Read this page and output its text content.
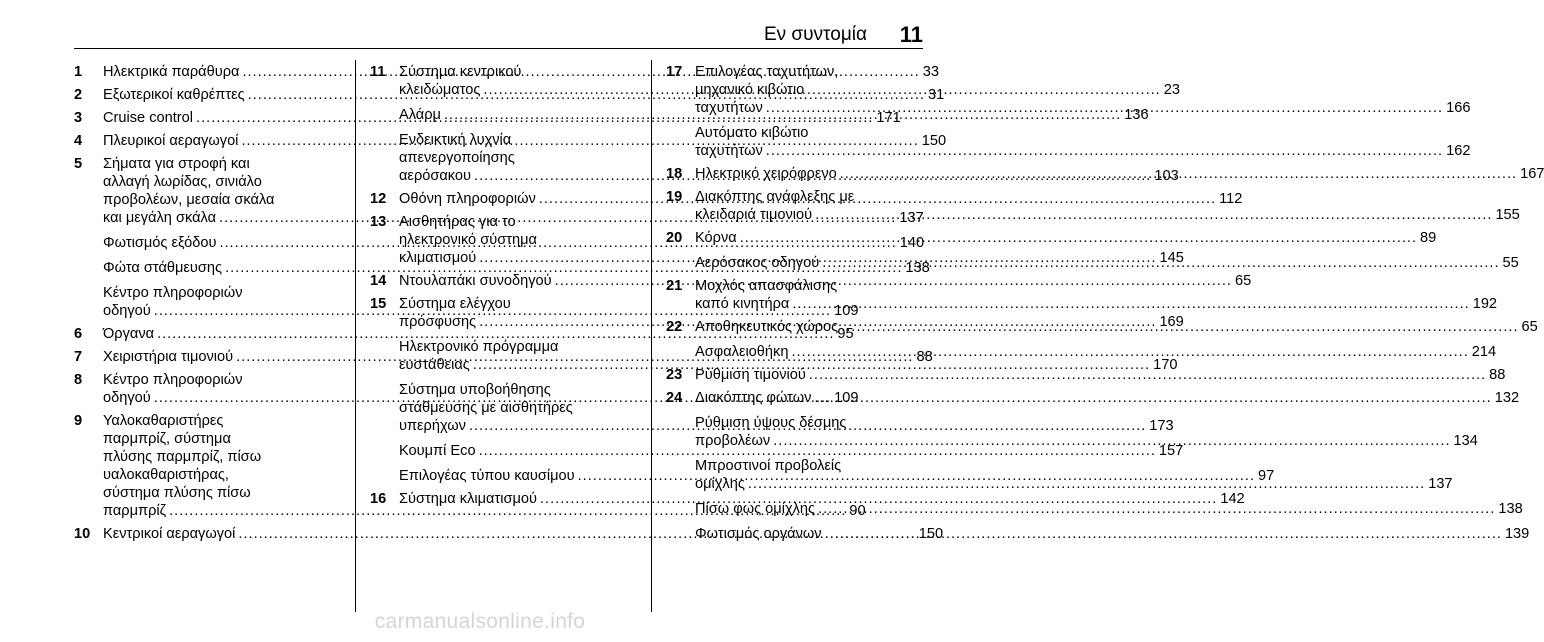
Εν συντομία 11
1	Ηλεκτρικά παράθυρα .....	33
2	Εξωτερικοί καθρέπτες .....	31
3	Cruise control .....	171
4	Πλευρικοί αεραγωγοί .....	150
5	Σήματα για στροφή και
αλλαγή λωρίδας, σινιάλο
προβολέων, μεσαία σκάλα
και μεγάλη σκάλα .....	137
Φωτισμός εξόδου .....	140
Φώτα στάθμευσης .....	138
Κέντρο πληροφοριών
οδηγού .....	109
6	Όργανα .....	95
7	Χειριστήρια τιμονιού .....	88
8	Κέντρο πληροφοριών
οδηγού .....	109
9	Υαλοκαθαριστήρες
παρμπρίζ, σύστημα
πλύσης παρμπρίζ, πίσω
υαλοκαθαριστήρας,
σύστημα πλύσης πίσω
παρμπρίζ .....	90
10 Κεντρικοί αεραγωγοί .....	150
11 Σύστημα κεντρικού
κλειδώματος .....	23
Αλάρμ .....	136
Ενδεικτική λυχνία
απενεργοποίησης
αερόσακου .....	103
12 Οθόνη πληροφοριών .....	112
13 Αισθητήρας για το
ηλεκτρονικό σύστημα
κλιματισμού .....	145
14 Ντουλαπάκι συνοδηγού .....	65
15 Σύστημα ελέγχου
πρόσφυσης .....	169
Ηλεκτρονικό πρόγραμμα
ευστάθειας .....	170
Σύστημα υποβοήθησης
στάθμευσης με αισθητήρες
υπερήχων .....	173
Κουμπί Eco .....	157
Επιλογέας τύπου καυσίμου .....	97
16 Σύστημα κλιματισμού .....	142
17 Επιλογέας ταχυτήτων,
μηχανικό κιβώτιο
ταχυτήτων .....	166
Αυτόματο κιβώτιο
ταχυτήτων .....	162
18 Ηλεκτρικό χειρόφρενο .....	167
19 Διακόπτης ανάφλεξης με
κλειδαριά τιμονιού .....	155
20 Κόρνα .....	89
Αερόσακος οδηγού .....	55
21 Μοχλός απασφάλισης
καπό κινητήρα .....	192
22 Αποθηκευτικός χώρος .....	65
Ασφαλειοθήκη .....	214
23 Ρύθμιση τιμονιού .....	88
24 Διακόπτης φώτων .....	132
Ρύθμιση ύψους δέσμης
προβολέων .....	134
Μπροστινοί προβολείς
ομίχλης .....	137
Πίσω φως ομίχλης .....	138
Φωτισμός οργάνων .....	139
carmanualsonline.info
